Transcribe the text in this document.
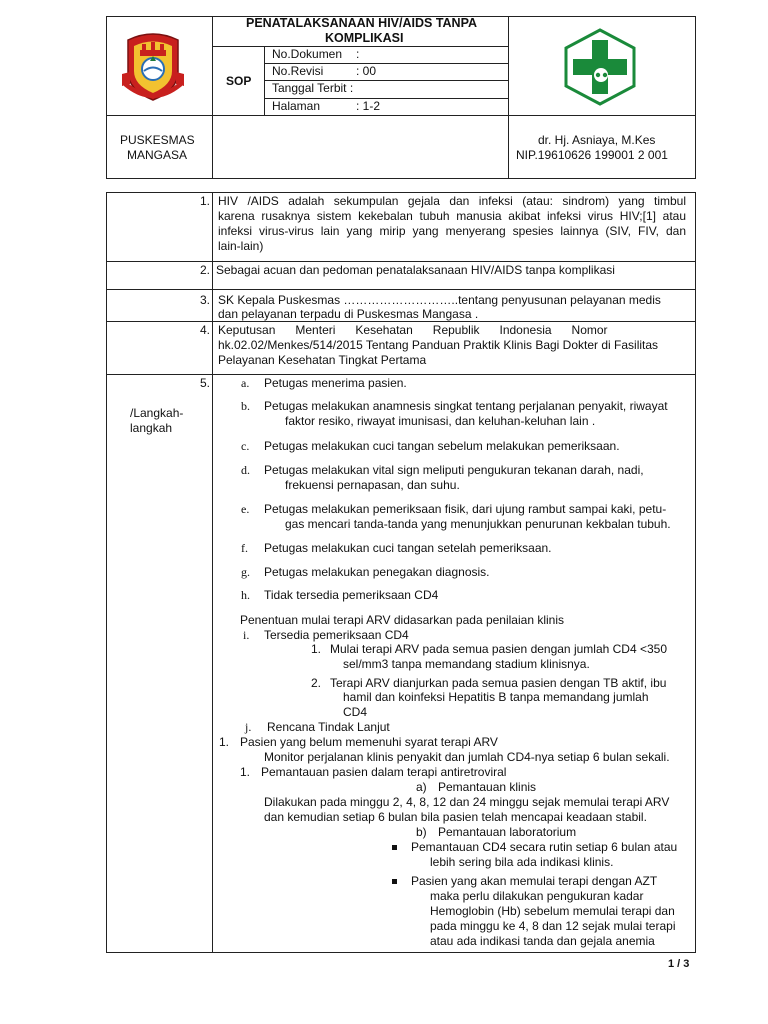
PENATALAKSANAAN HIV/AIDS TANPA
KOMPLIKASI
SOP
No.Dokumen :
No.Revisi	: 00
Tanggal Terbit :
Halaman	: 1-2
PUSKESMAS
MANGASA
dr. Hj. Asniaya, M.Kes
NIP.19610626 199001 2 001
1. HIV /AIDS adalah sekumpulan gejala dan infeksi (atau: sindrom) yang timbul
karena rusaknya sistem kekebalan tubuh manusia akibat infeksi virus HIV;[1] atau
infeksi virus-virus lain yang mirip yang menyerang spesies lainnya (SIV, FIV, dan
lain-lain)
2. Sebagai acuan dan pedoman penatalaksanaan HIV/AIDS tanpa komplikasi
3. SK Kepala Puskesmas ………………………..tentang penyusunan pelayanan medis
dan pelayanan terpadu di Puskesmas Mangasa .
4. Keputusan      Menteri      Kesehatan      Republik      Indonesia      Nomor
hk.02.02/Menkes/514/2015 Tentang Panduan Praktik Klinis Bagi Dokter di Fasilitas
Pelayanan Kesehatan Tingkat Pertama
/Langkah-
langkah
5.	a. Petugas menerima pasien.
b. Petugas melakukan anamnesis singkat tentang perjalanan penyakit, riwayat
faktor resiko, riwayat imunisasi, dan keluhan-keluhan lain .
c. Petugas melakukan cuci tangan sebelum melakukan pemeriksaan.
d. Petugas melakukan vital sign meliputi pengukuran tekanan darah, nadi,
frekuensi pernapasan, dan suhu.
e. Petugas melakukan pemeriksaan fisik, dari ujung rambut sampai kaki, petu-
gas mencari tanda-tanda yang menunjukkan penurunan kekbalan tubuh.
f. Petugas melakukan cuci tangan setelah pemeriksaan.
g. Petugas melakukan penegakan diagnosis.
h. Tidak tersedia pemeriksaan CD4
Penentuan mulai terapi ARV didasarkan pada penilaian klinis
i. Tersedia pemeriksaan CD4
1. Mulai terapi ARV pada semua pasien dengan jumlah CD4 <350
sel/mm3 tanpa memandang stadium klinisnya.
2. Terapi ARV dianjurkan pada semua pasien dengan TB aktif, ibu
hamil dan koinfeksi Hepatitis B tanpa memandang jumlah
CD4
j. Rencana Tindak Lanjut
1. Pasien yang belum memenuhi syarat terapi ARV
Monitor perjalanan klinis penyakit dan jumlah CD4-nya setiap 6 bulan sekali.
1. Pemantauan pasien dalam terapi antiretroviral
a) Pemantauan klinis
Dilakukan pada minggu 2, 4, 8, 12 dan 24 minggu sejak memulai terapi ARV
dan kemudian setiap 6 bulan bila pasien telah mencapai keadaan stabil.
b) Pemantauan laboratorium
Pemantauan CD4 secara rutin setiap 6 bulan atau
lebih sering bila ada indikasi klinis.
Pasien yang akan memulai terapi dengan AZT
maka perlu dilakukan pengukuran kadar
Hemoglobin (Hb) sebelum memulai terapi dan
pada minggu ke 4, 8 dan 12 sejak mulai terapi
atau ada indikasi tanda dan gejala anemia
1 / 3
